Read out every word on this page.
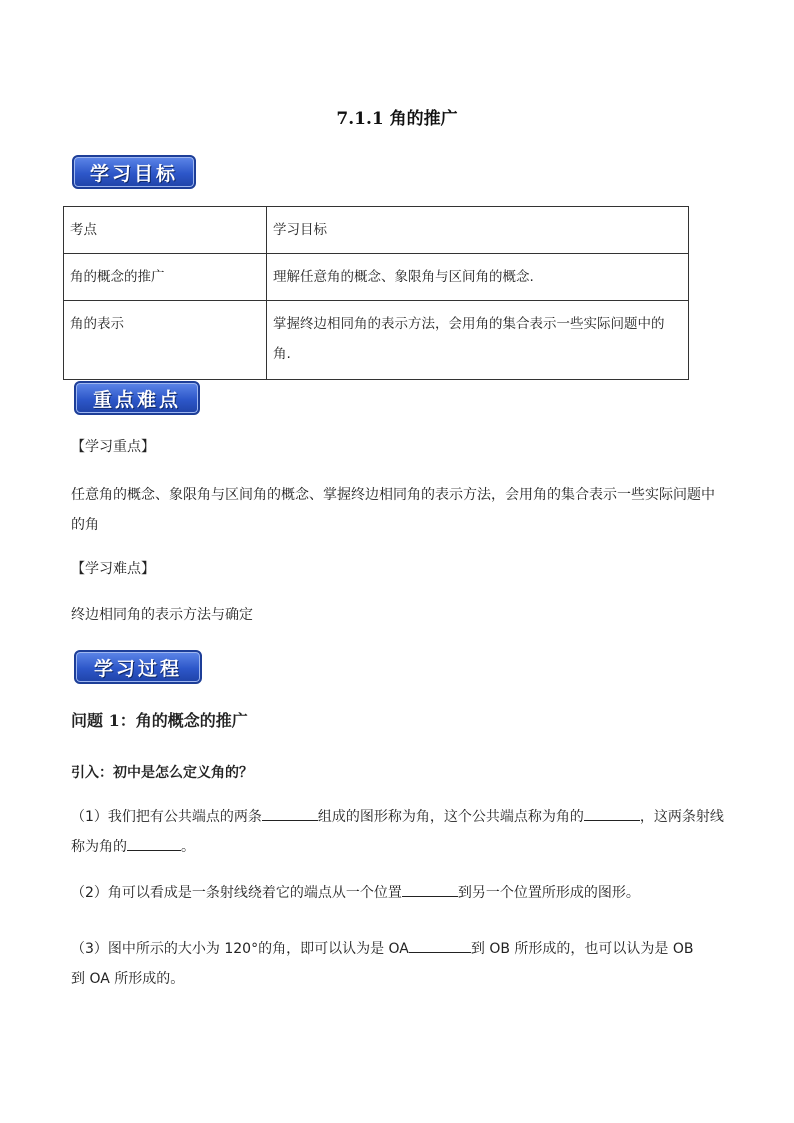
7.1.1 角的推广
学习目标
考点	学习目标
角的概念的推广	理解任意角的概念、象限角与区间角的概念.
角的表示	掌握终边相同角的表示方法，会用角的集合表示一些实际问题中的角.
重点难点
【学习重点】
任意角的概念、象限角与区间角的概念、掌握终边相同角的表示方法，会用角的集合表示一些实际问题中的角
【学习难点】
终边相同角的表示方法与确定
学习过程
问题 1：角的概念的推广
引入：初中是怎么定义角的？
（1）我们把有公共端点的两条	组成的图形称为角，这个公共端点称为角的	，这两条射线
称为角的	。
（2）角可以看成是一条射线绕着它的端点从一个位置	到另一个位置所形成的图形。
（3）图中所示的大小为 120°的角，即可以认为是 OA	到 OB 所形成的，也可以认为是 OB
到 OA 所形成的。
